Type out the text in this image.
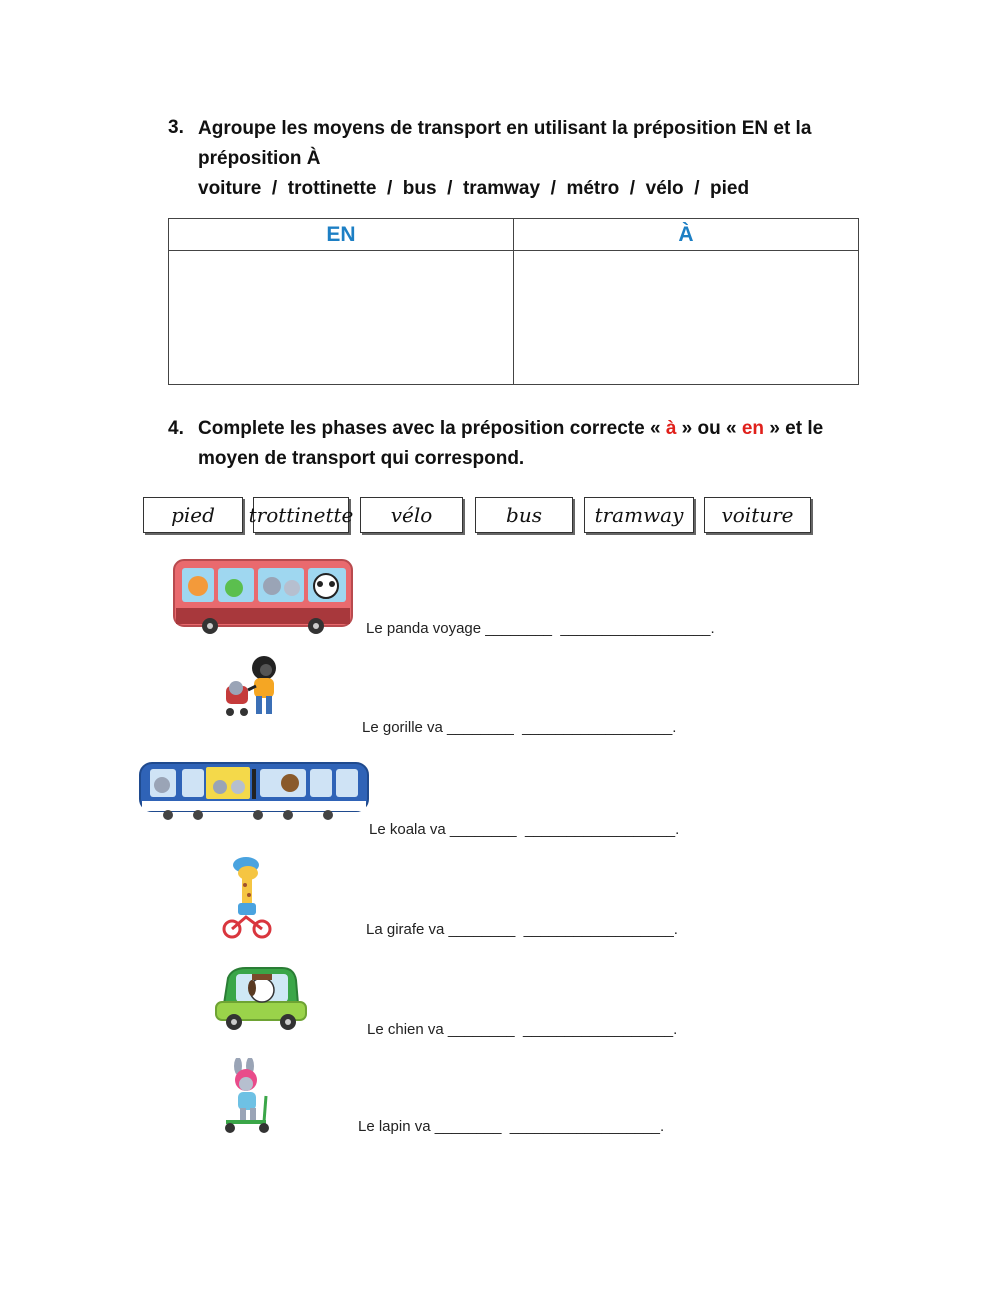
3. Agroupe les moyens de transport en utilisant la préposition EN et la
préposition À
voiture  /  trottinette  /  bus  /  tramway  /  métro  /  vélo  /  pied
EN	À

4. Complete les phases avec la préposition correcte « à » ou « en » et le
moyen de transport qui correspond.
pied	trottinette	vélo	bus	tramway	voiture
Le panda voyage ________  __________________.
Le gorille va ________  __________________.
Le koala va ________  __________________.
La girafe va ________  __________________.
Le chien va ________  __________________.
Le lapin va ________  __________________.
